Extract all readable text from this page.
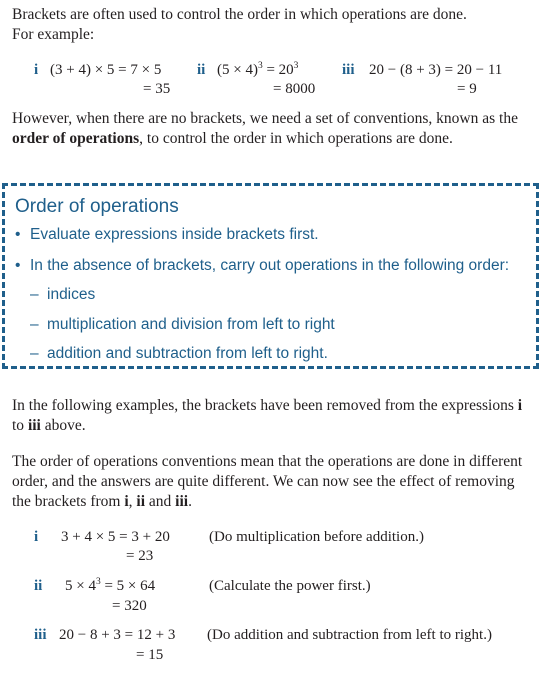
Brackets are often used to control the order in which operations are done.
For example:
i (3 + 4) × 5 = 7 × 5
= 35
ii $(5 \times 4)^3 = 20^3$
= 8000
iii 20 − (8 + 3) = 20 − 11
= 9

However, when there are no brackets, we need a set of conventions, known as the order of operations, to control the order in which operations are done.

Order of operations
• Evaluate expressions inside brackets first.
• In the absence of brackets, carry out operations in the following order:
– indices
– multiplication and division from left to right
– addition and subtraction from left to right.

In the following examples, the brackets have been removed from the expressions i to iii above.

The order of operations conventions mean that the operations are done in different order, and the answers are quite different. We can now see the effect of removing the brackets from i, ii and iii.

i 3 + 4 × 5 = 3 + 20
= 23
(Do multiplication before addition.)
ii $5 \times 4^3 = 5 \times 64$
= 320
(Calculate the power first.)
iii 20 − 8 + 3 = 12 + 3
= 15
(Do addition and subtraction from left to right.)
